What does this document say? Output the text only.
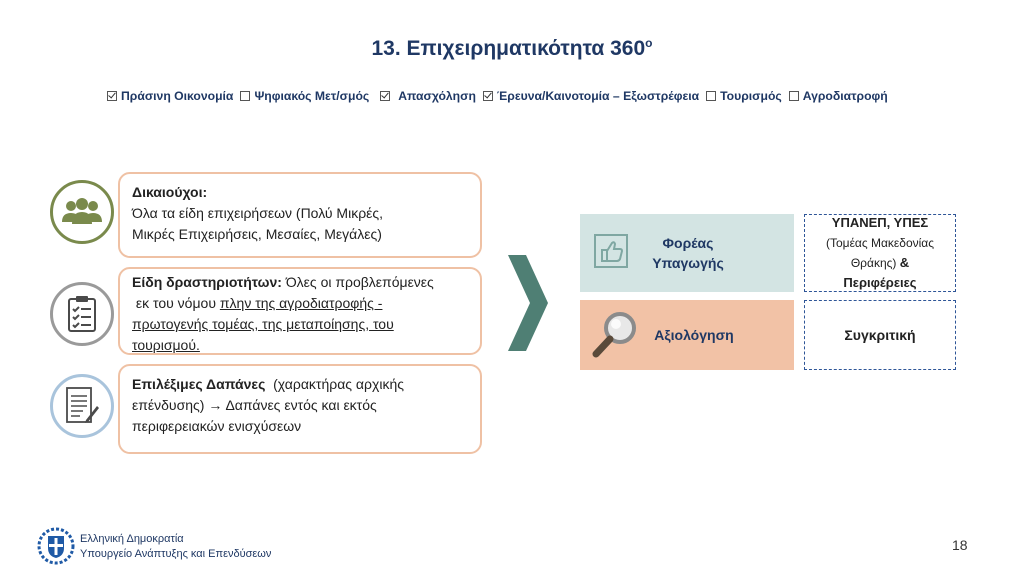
13. Επιχειρηματικότητα $360^o$
Πράσινη Οικονομία Ψηφιακός Μετ/σμός Απασχόληση Έρευνα/Καινοτομία – Εξωστρέφεια Τουρισμός Αγροδιατροφή
Δικαιούχοι:
Όλα τα είδη επιχειρήσεων (Πολύ Μικρές,
Μικρές Επιχειρήσεις, Μεσαίες, Μεγάλες)
Είδη δραστηριοτήτων: Όλες οι προβλεπόμενες
εκ του νόμου πλην της αγροδιατροφής -
πρωτογενής τομέας, της μεταποίησης, του
τουρισμού.
Επιλέξιμες Δαπάνες  (χαρακτήρας αρχικής
επένδυσης) → Δαπάνες εντός και εκτός
περιφερειακών ενισχύσεων
Φορέας
Υπαγωγής
Αξιολόγηση
ΥΠΑΝΕΠ, ΥΠΕΣ
(Τομέας Μακεδονίας
Θράκης) &
Περιφέρειες
Συγκριτική
Ελληνική Δημοκρατία
Υπουργείο Ανάπτυξης και Επενδύσεων
18
